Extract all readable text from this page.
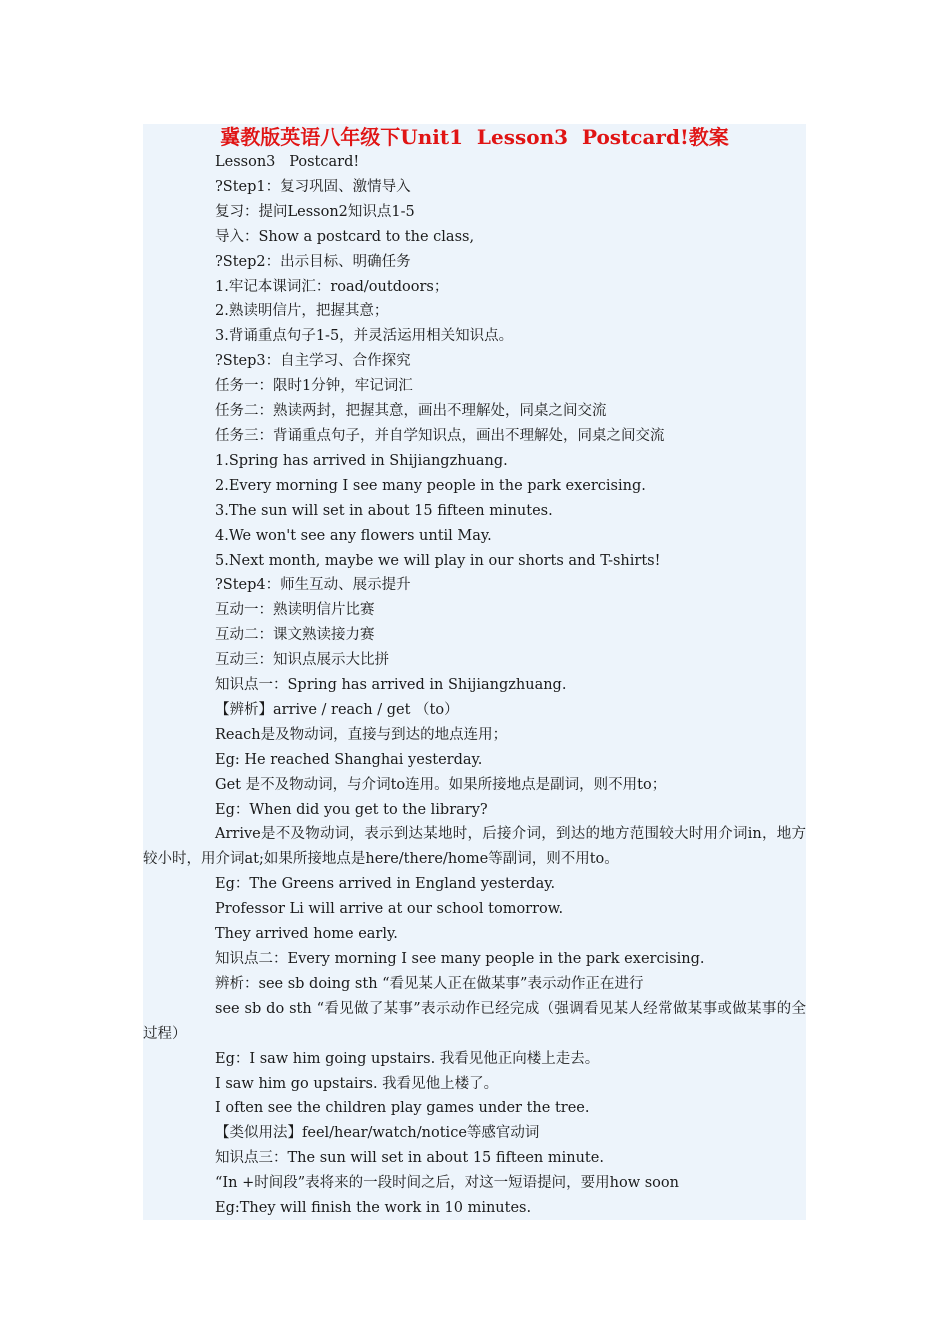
冀教版英语八年级下Unit1  Lesson3  Postcard!教案
Lesson3   Postcard!
?Step1：复习巩固、激情导入
复习：提问Lesson2知识点1-5
导入：Show a postcard to the class,
?Step2：出示目标、明确任务
1.牢记本课词汇：road/outdoors；
2.熟读明信片，把握其意；
3.背诵重点句子1-5，并灵活运用相关知识点。
?Step3：自主学习、合作探究
任务一：限时1分钟，牢记词汇
任务二：熟读两封，把握其意，画出不理解处，同桌之间交流
任务三：背诵重点句子，并自学知识点，画出不理解处，同桌之间交流
1.Spring has arrived in Shijiangzhuang.
2.Every morning I see many people in the park exercising.
3.The sun will set in about 15 fifteen minutes.
4.We won't see any flowers until May.
5.Next month, maybe we will play in our shorts and T-shirts!
?Step4：师生互动、展示提升
互动一：熟读明信片比赛
互动二：课文熟读接力赛
互动三：知识点展示大比拼
知识点一：Spring has arrived in Shijiangzhuang.
【辨析】arrive / reach / get （to）
Reach是及物动词，直接与到达的地点连用；
Eg: He reached Shanghai yesterday.
Get 是不及物动词，与介词to连用。如果所接地点是副词，则不用to；
Eg：When did you get to the library?
Arrive是不及物动词，表示到达某地时，后接介词，到达的地方范围较大时用介词in，地方较小时，用介词at;如果所接地点是here/there/home等副词，则不用to。
Eg：The Greens arrived in England yesterday.
Professor Li will arrive at our school tomorrow.
They arrived home early.
知识点二：Every morning I see many people in the park exercising.
辨析：see sb doing sth “看见某人正在做某事”表示动作正在进行
see sb do sth “看见做了某事”表示动作已经完成（强调看见某人经常做某事或做某事的全过程）
Eg：I saw him going upstairs. 我看见他正向楼上走去。
I saw him go upstairs. 我看见他上楼了。
I often see the children play games under the tree.
【类似用法】feel/hear/watch/notice等感官动词
知识点三：The sun will set in about 15 fifteen minute.
“In +时间段”表将来的一段时间之后，对这一短语提问，要用how soon
Eg:They will finish the work in 10 minutes.
